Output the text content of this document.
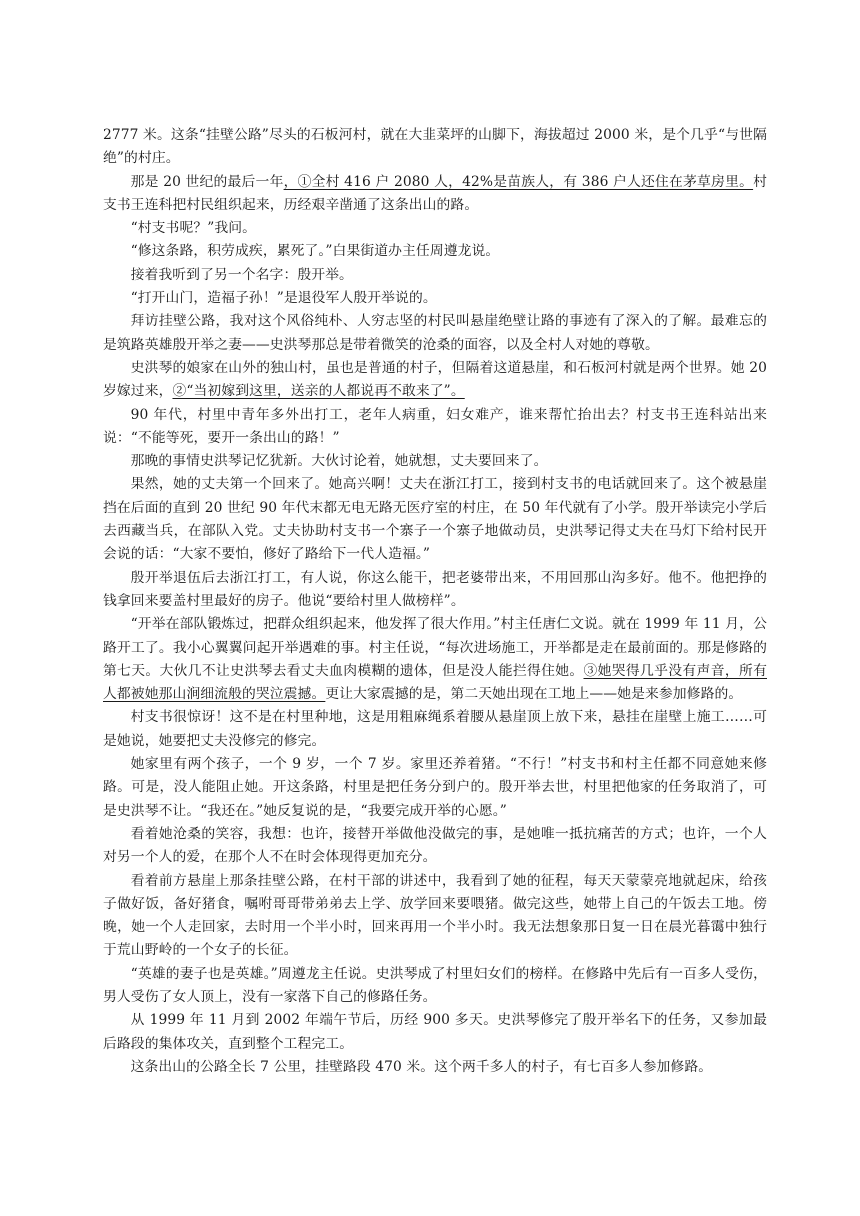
2777 米。这条“挂壁公路”尽头的石板河村，就在大韭菜坪的山脚下，海拔超过 2000 米，是个几乎“与世隔绝”的村庄。

那是 20 世纪的最后一年，①全村 416 户 2080 人，42%是苗族人，有 386 户人还住在茅草房里。村支书王连科把村民组织起来，历经艰辛凿通了这条出山的路。

“村支书呢？”我问。

“修这条路，积劳成疾，累死了。”白果街道办主任周遵龙说。

接着我听到了另一个名字：殷开举。

“打开山门，造福子孙！”是退役军人殷开举说的。

拜访挂壁公路，我对这个风俗纯朴、人穷志坚的村民叫悬崖绝壁让路的事迹有了深入的了解。最难忘的是筑路英雄殷开举之妻——史洪琴那总是带着微笑的沧桑的面容，以及全村人对她的尊敬。

史洪琴的娘家在山外的独山村，虽也是普通的村子，但隔着这道悬崖，和石板河村就是两个世界。她 20 岁嫁过来，②“当初嫁到这里，送亲的人都说再不敢来了”。

90 年代，村里中青年多外出打工，老年人病重，妇女难产，谁来帮忙抬出去？村支书王连科站出来说：“不能等死，要开一条出山的路！”

那晚的事情史洪琴记忆犹新。大伙讨论着，她就想，丈夫要回来了。

果然，她的丈夫第一个回来了。她高兴啊！丈夫在浙江打工，接到村支书的电话就回来了。这个被悬崖挡在后面的直到 20 世纪 90 年代末都无电无路无医疗室的村庄，在 50 年代就有了小学。殷开举读完小学后去西藏当兵，在部队入党。丈夫协助村支书一个寨子一个寨子地做动员，史洪琴记得丈夫在马灯下给村民开会说的话：“大家不要怕，修好了路给下一代人造福。”

殷开举退伍后去浙江打工，有人说，你这么能干，把老婆带出来，不用回那山沟多好。他不。他把挣的钱拿回来要盖村里最好的房子。他说“要给村里人做榜样”。

“开举在部队锻炼过，把群众组织起来，他发挥了很大作用。”村主任唐仁文说。就在 1999 年 11 月，公路开工了。我小心翼翼问起开举遇难的事。村主任说，“每次进场施工，开举都是走在最前面的。那是修路的第七天。大伙几不让史洪琴去看丈夫血肉模糊的遗体，但是没人能拦得住她。③她哭得几乎没有声音，所有人都被她那山涧细流般的哭泣震撼。更让大家震撼的是，第二天她出现在工地上——她是来参加修路的。

村支书很惊讶！这不是在村里种地，这是用粗麻绳系着腰从悬崖顶上放下来，悬挂在崖壁上施工……可是她说，她要把丈夫没修完的修完。

她家里有两个孩子，一个 9 岁，一个 7 岁。家里还养着猪。“不行！”村支书和村主任都不同意她来修路。可是，没人能阻止她。开这条路，村里是把任务分到户的。殷开举去世，村里把他家的任务取消了，可是史洪琴不让。“我还在。”她反复说的是，“我要完成开举的心愿。”

看着她沧桑的笑容，我想：也许，接替开举做他没做完的事，是她唯一抵抗痛苦的方式；也许，一个人对另一个人的爱，在那个人不在时会体现得更加充分。

看着前方悬崖上那条挂壁公路，在村干部的讲述中，我看到了她的征程，每天天蒙蒙亮地就起床，给孩子做好饭，备好猪食，嘱咐哥哥带弟弟去上学、放学回来要喂猪。做完这些，她带上自己的午饭去工地。傍晚，她一个人走回家，去时用一个半小时，回来再用一个半小时。我无法想象那日复一日在晨光暮霭中独行于荒山野岭的一个女子的长征。

“英雄的妻子也是英雄。”周遵龙主任说。史洪琴成了村里妇女们的榜样。在修路中先后有一百多人受伤，男人受伤了女人顶上，没有一家落下自己的修路任务。

从 1999 年 11 月到 2002 年端午节后，历经 900 多天。史洪琴修完了殷开举名下的任务，又参加最后路段的集体攻关，直到整个工程完工。

这条出山的公路全长 7 公里，挂壁路段 470 米。这个两千多人的村子，有七百多人参加修路。
